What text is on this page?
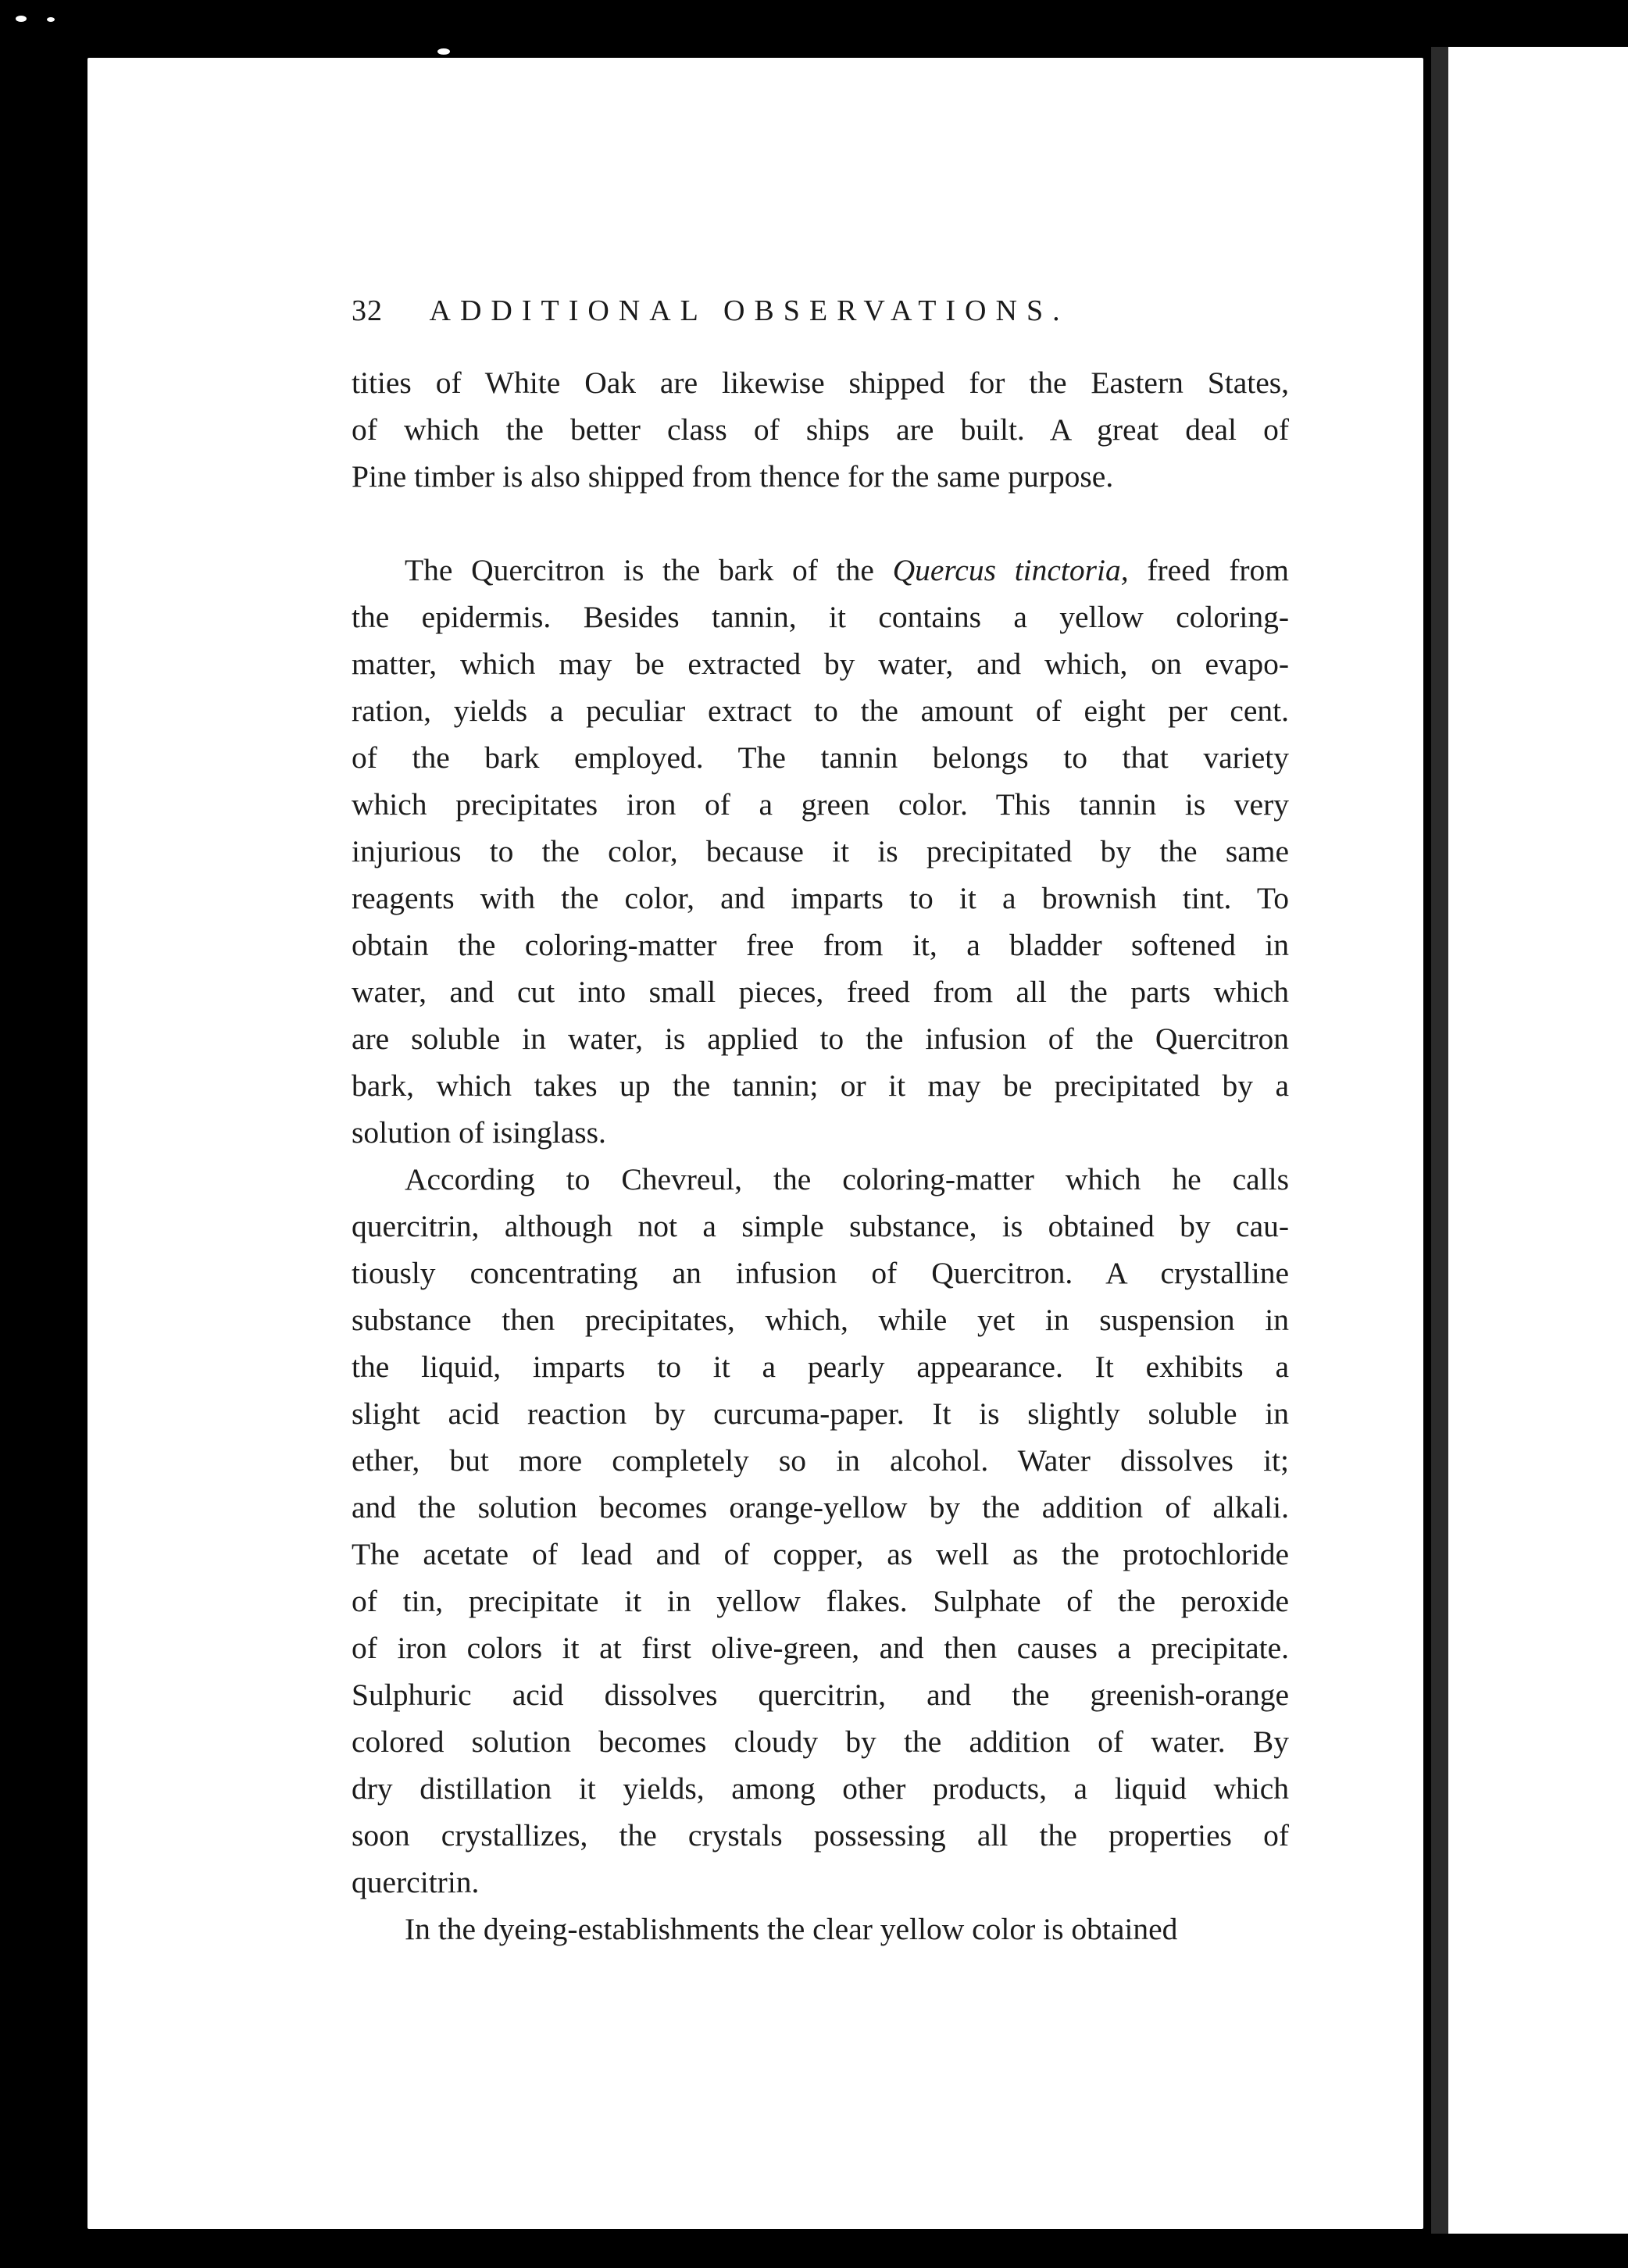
32 ADDITIONAL OBSERVATIONS.
tities of White Oak are likewise shipped for the Eastern States,
of which the better class of ships are built. A great deal of
Pine timber is also shipped from thence for the same purpose.
The Quercitron is the bark of the Quercus tinctoria, freed from
the epidermis. Besides tannin, it contains a yellow coloring-
matter, which may be extracted by water, and which, on evapo-
ration, yields a peculiar extract to the amount of eight per cent.
of the bark employed. The tannin belongs to that variety
which precipitates iron of a green color. This tannin is very
injurious to the color, because it is precipitated by the same
reagents with the color, and imparts to it a brownish tint. To
obtain the coloring-matter free from it, a bladder softened in
water, and cut into small pieces, freed from all the parts which
are soluble in water, is applied to the infusion of the Quercitron
bark, which takes up the tannin; or it may be precipitated by a
solution of isinglass.
According to Chevreul, the coloring-matter which he calls
quercitrin, although not a simple substance, is obtained by cau-
tiously concentrating an infusion of Quercitron. A crystalline
substance then precipitates, which, while yet in suspension in
the liquid, imparts to it a pearly appearance. It exhibits a
slight acid reaction by curcuma-paper. It is slightly soluble in
ether, but more completely so in alcohol. Water dissolves it;
and the solution becomes orange-yellow by the addition of alkali.
The acetate of lead and of copper, as well as the protochloride
of tin, precipitate it in yellow flakes. Sulphate of the peroxide
of iron colors it at first olive-green, and then causes a precipitate.
Sulphuric acid dissolves quercitrin, and the greenish-orange
colored solution becomes cloudy by the addition of water. By
dry distillation it yields, among other products, a liquid which
soon crystallizes, the crystals possessing all the properties of
quercitrin.
In the dyeing-establishments the clear yellow color is obtained
